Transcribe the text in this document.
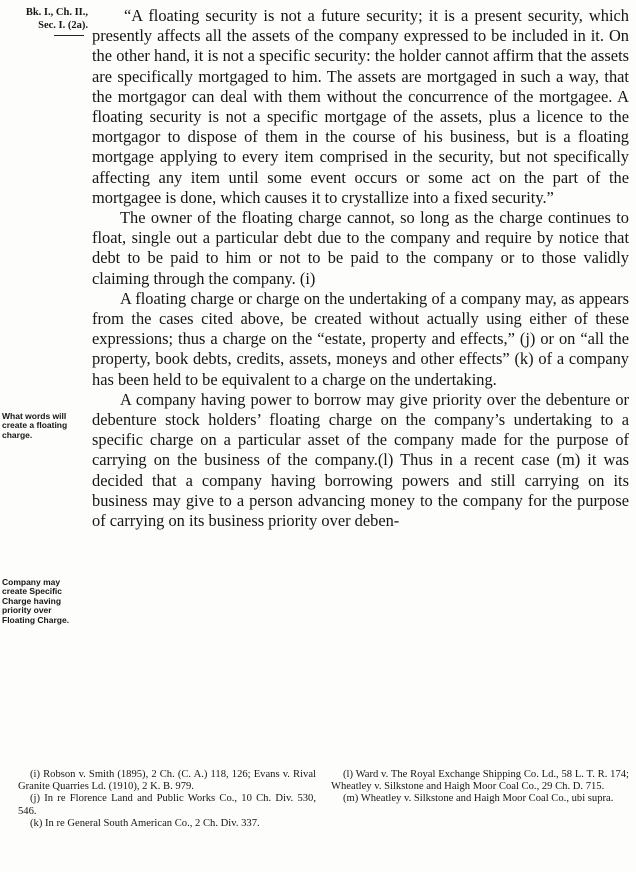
Bk. I., Ch. II.,
Sec. I. (2a).
What words will create a floating charge.
Company may create Specific Charge having priority over Floating Charge.

“A floating security is not a future security; it is a present security, which presently affects all the assets of the company expressed to be included in it. On the other hand, it is not a specific security: the holder cannot affirm that the assets are specifically mortgaged to him. The assets are mortgaged in such a way, that the mortgagor can deal with them without the concurrence of the mortgagee. A floating security is not a specific mortgage of the assets, plus a licence to the mortgagor to dispose of them in the course of his business, but is a floating mortgage applying to every item comprised in the security, but not specifically affecting any item until some event occurs or some act on the part of the mortgagee is done, which causes it to crystallize into a fixed security.”

The owner of the floating charge cannot, so long as the charge continues to float, single out a particular debt due to the company and require by notice that debt to be paid to him or not to be paid to the company or to those validly claiming through the company. (i)

A floating charge or charge on the undertaking of a company may, as appears from the cases cited above, be created without actually using either of these expressions; thus a charge on the “estate, property and effects,” (j) or on “all the property, book debts, credits, assets, moneys and other effects” (k) of a company has been held to be equivalent to a charge on the undertaking.

A company having power to borrow may give priority over the debenture or debenture stock holders’ floating charge on the company’s undertaking to a specific charge on a particular asset of the company made for the purpose of carrying on the business of the company.(l) Thus in a recent case (m) it was decided that a company having borrowing powers and still carrying on its business may give to a person advancing money to the company for the purpose of carrying on its business priority over deben-

(i) Robson v. Smith (1895), 2 Ch. (C. A.) 118, 126; Evans v. Rival Granite Quarries Ld. (1910), 2 K. B. 979.

(j) In re Florence Land and Public Works Co., 10 Ch. Div. 530, 546.

(k) In re General South American Co., 2 Ch. Div. 337.

(l) Ward v. The Royal Exchange Shipping Co. Ld., 58 L. T. R. 174; Wheatley v. Silkstone and Haigh Moor Coal Co., 29 Ch. D. 715.

(m) Wheatley v. Silkstone and Haigh Moor Coal Co., ubi supra.
